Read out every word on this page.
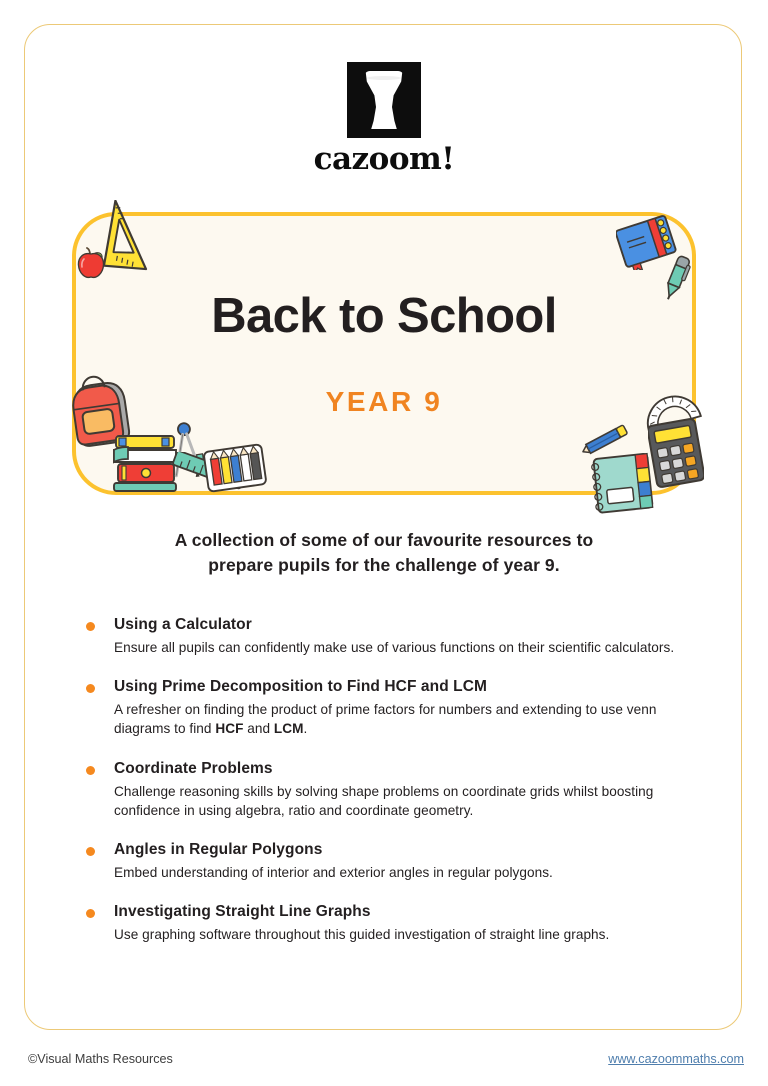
cazoom!
Back to School
YEAR 9
A collection of some of our favourite resources to
prepare pupils for the challenge of year 9.
Using a Calculator
Ensure all pupils can confidently make use of various functions on their scientific calculators.
Using Prime Decomposition to Find HCF and LCM
A refresher on finding the product of prime factors for numbers and extending to use venn diagrams to find HCF and LCM.
Coordinate Problems
Challenge reasoning skills by solving shape problems on coordinate grids whilst boosting confidence in using algebra, ratio and coordinate geometry.
Angles in Regular Polygons
Embed understanding of interior and exterior angles in regular polygons.
Investigating Straight Line Graphs
Use graphing software throughout this guided investigation of straight line graphs.
©Visual Maths Resources	www.cazoommaths.com
